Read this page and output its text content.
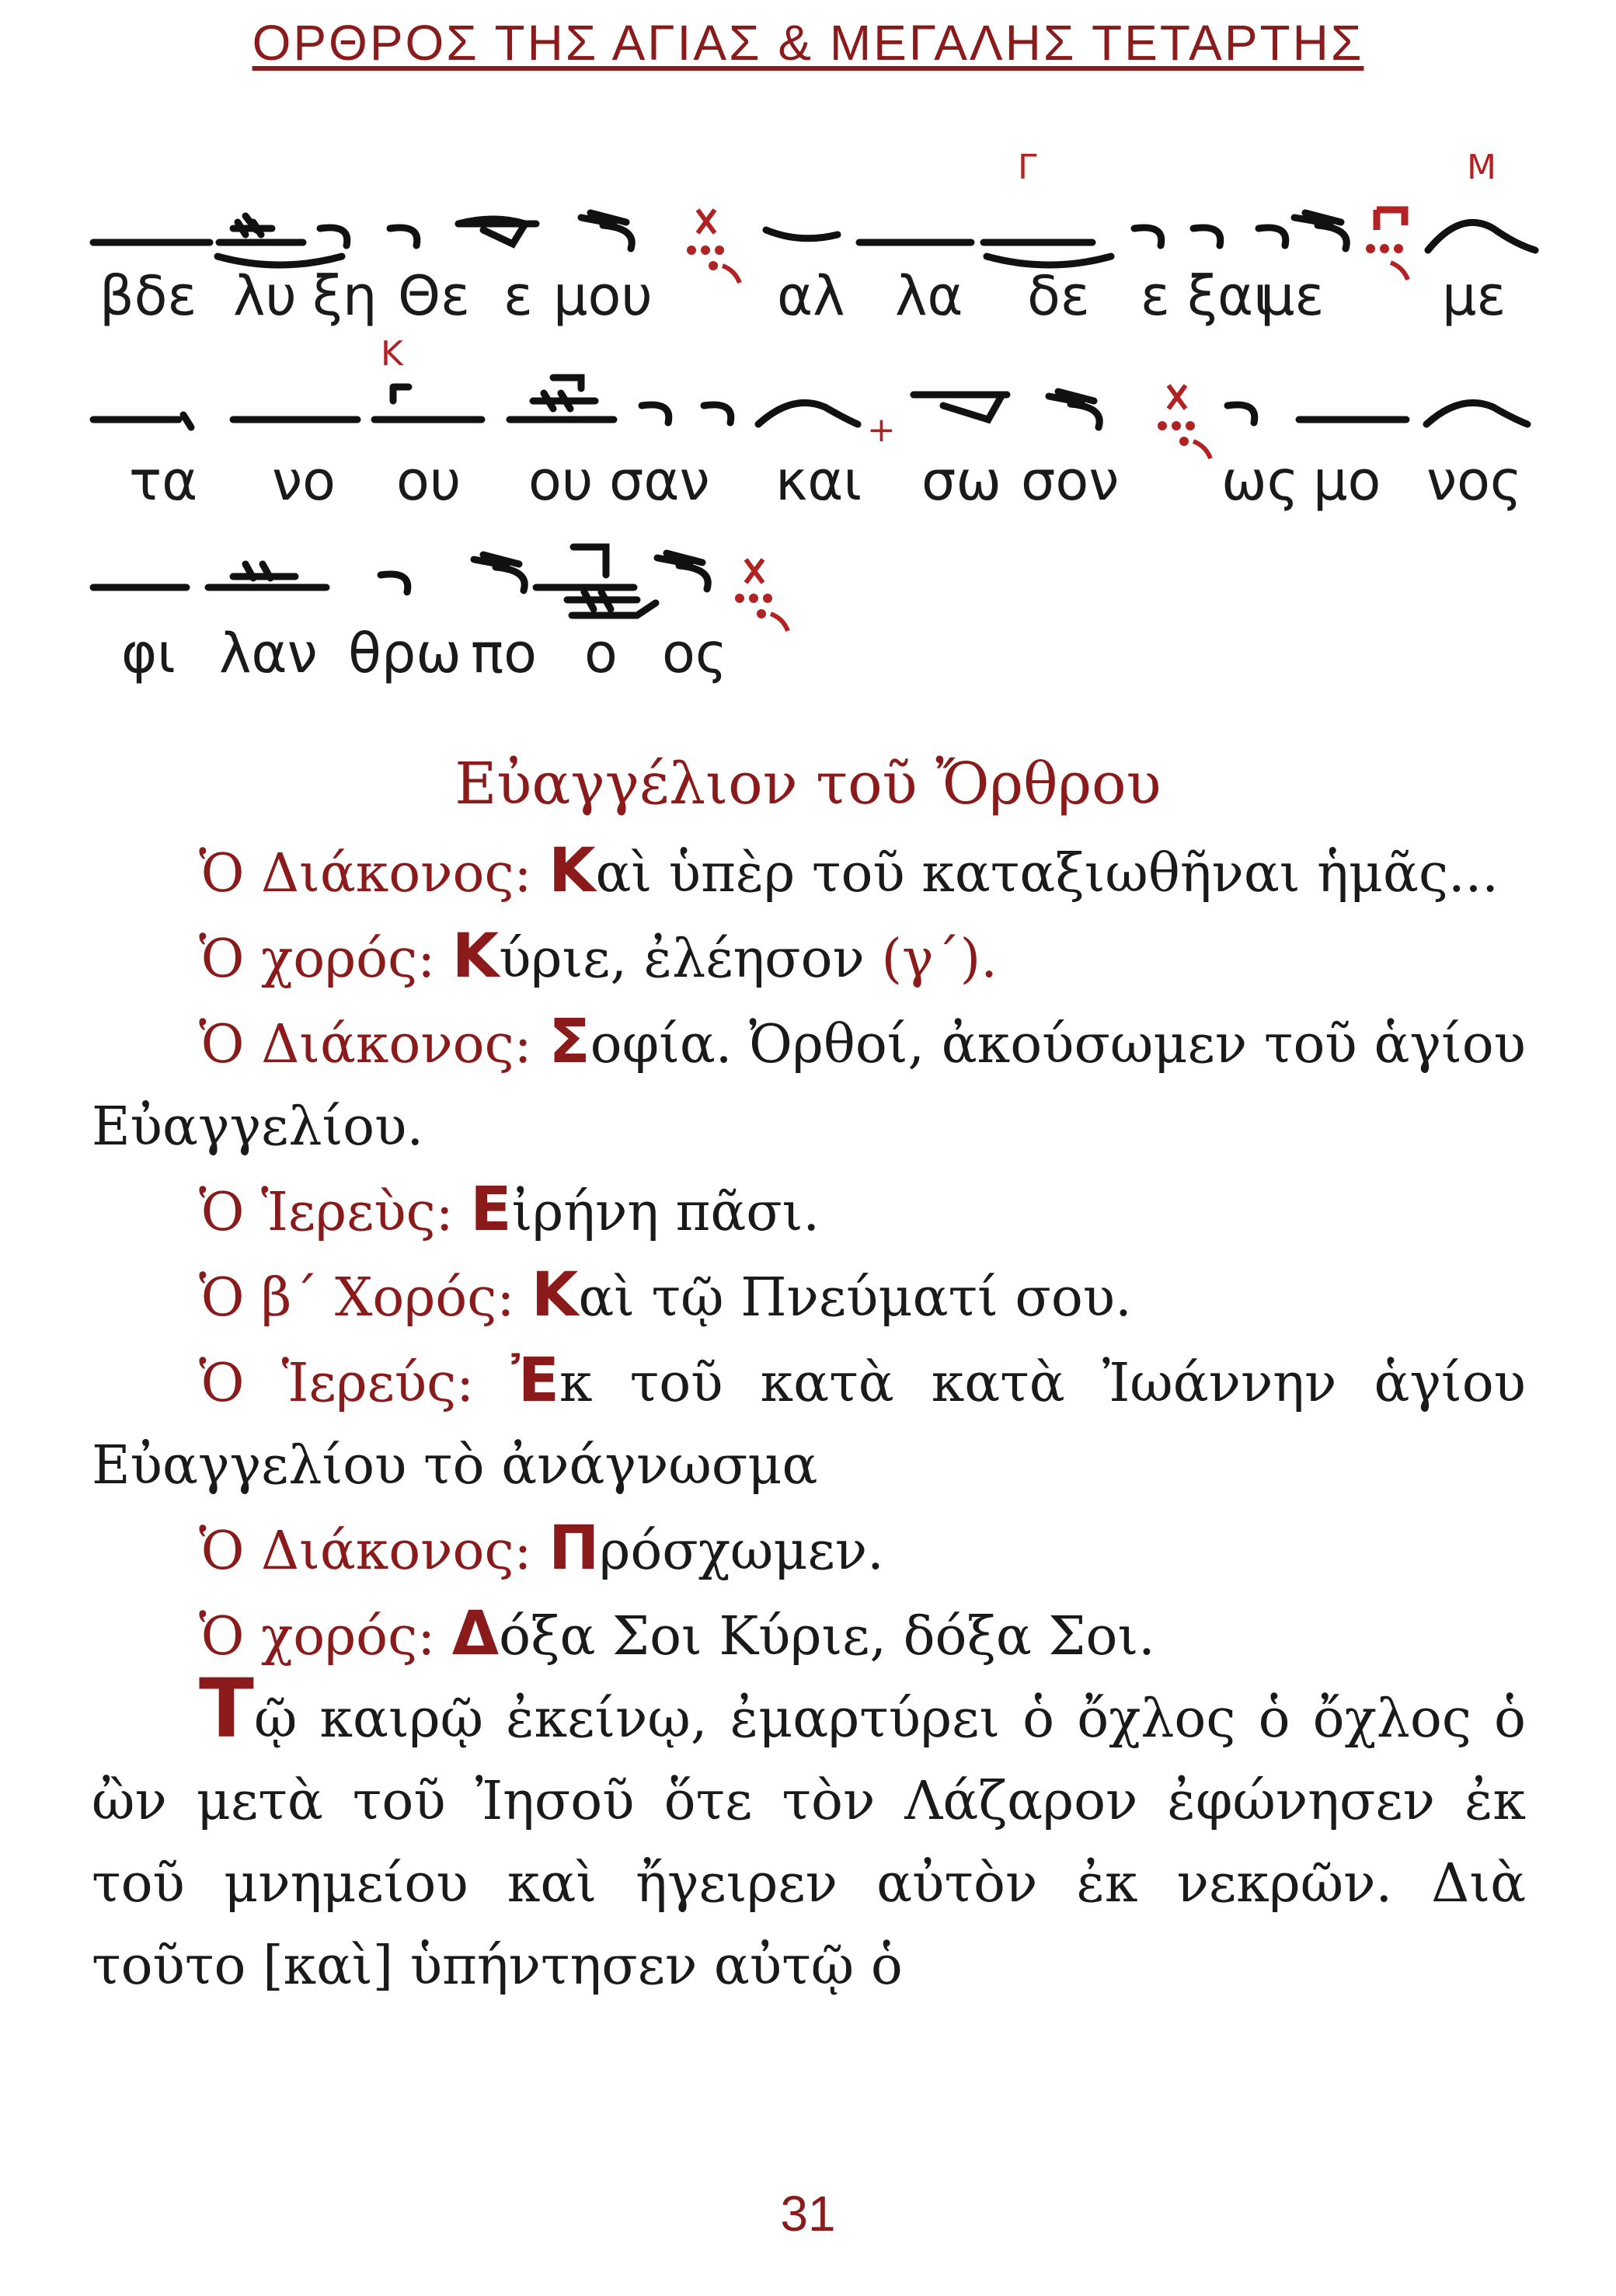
ΟΡΘΡΟΣ ΤΗΣ ΑΓΙΑΣ & ΜΕΓΑΛΗΣ ΤΕΤΑΡΤΗΣ
Γ	Μ
βδε λυ ξη Θε ε μου αλ λα δε ε ξαι
με με
Κ
+
τα νο ου ου σαν και σω σον ως μο νος
φι λαν θρω πο ο ος
Εὐαγγέλιον τοῦ Ὄρθρου

Ὁ Διάκονος: Καὶ ὑπὲρ τοῦ καταξιωθῆναι ἡμᾶς...

Ὁ χορός: Κύριε, ἐλέησον (γ΄).

Ὁ Διάκονος: Σοφία. Ὀρθοί, ἀκούσωμεν τοῦ ἁγίου Εὐαγγελίου.

Ὁ Ἱερεὺς: Εἰρήνη πᾶσι.

Ὁ β΄ Χορός: Καὶ τῷ Πνεύματί σου.

Ὁ Ἱερεύς: Ἐκ τοῦ κατὰ κατὰ Ἰωάννην ἁγίου Εὐαγγελίου τὸ ἀνάγνωσμα

Ὁ Διάκονος: Πρόσχωμεν.

Ὁ χορός: Δόξα Σοι Κύριε, δόξα Σοι.

Τῷ καιρῷ ἐκείνῳ, ἐμαρτύρει ὁ ὄχλος ὁ ὄχλος ὁ ὢν μετὰ τοῦ Ἰησοῦ ὅτε τὸν Λάζαρον ἐφώνησεν ἐκ τοῦ μνημείου καὶ ἤγειρεν αὐτὸν ἐκ νεκρῶν. Διὰ τοῦτο [καὶ] ὑπήντησεν αὐτῷ ὁ

31
